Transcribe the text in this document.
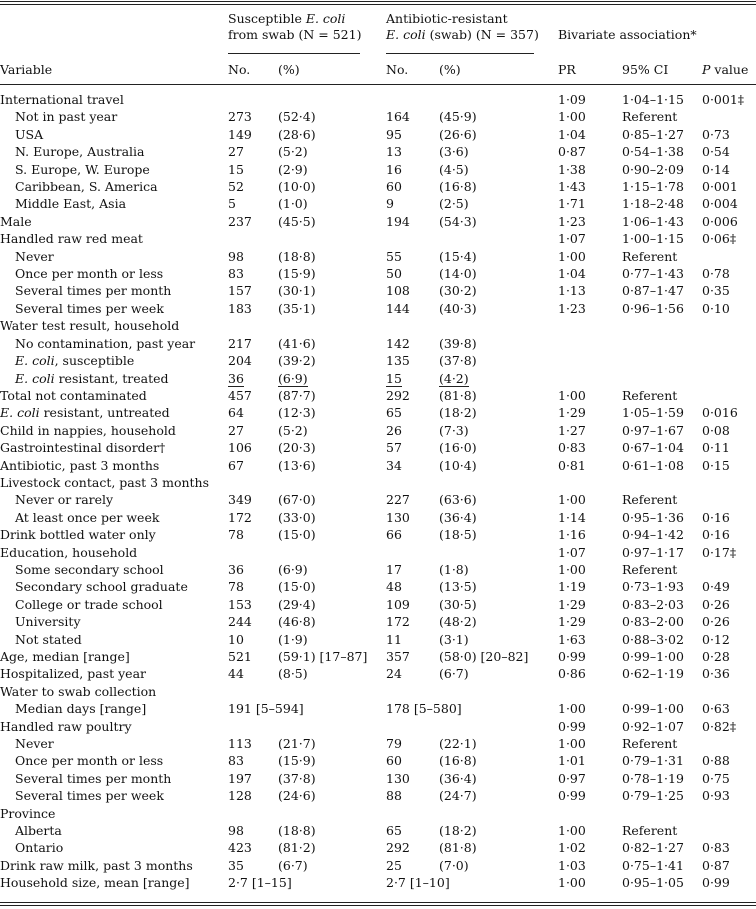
Susceptible E. coli
from swab (N = 521)
Antibiotic-resistant
E. coli (swab) (N = 357) Bivariate association*
Variable	No. (%)	No. (%)	PR	95% CI	P value
International travel					1·09	1·04–1·15	0·001‡
Not in past year	273	(52·4)	164	(45·9)	1·00	Referent	
USA	149	(28·6)	95	(26·6)	1·04	0·85–1·27	0·73
N. Europe, Australia	27	(5·2)	13	(3·6)	0·87	0·54–1·38	0·54
S. Europe, W. Europe	15	(2·9)	16	(4·5)	1·38	0·90–2·09	0·14
Caribbean, S. America	52	(10·0)	60	(16·8)	1·43	1·15–1·78	0·001
Middle East, Asia	5	(1·0)	9	(2·5)	1·71	1·18–2·48	0·004
Male	237	(45·5)	194	(54·3)	1·23	1·06–1·43	0·006
Handled raw red meat					1·07	1·00–1·15	0·06‡
Never	98	(18·8)	55	(15·4)	1·00	Referent	
Once per month or less	83	(15·9)	50	(14·0)	1·04	0·77–1·43	0·78
Several times per month	157	(30·1)	108	(30·2)	1·13	0·87–1·47	0·35
Several times per week	183	(35·1)	144	(40·3)	1·23	0·96–1·56	0·10
Water test result, household							
No contamination, past year	217	(41·6)	142	(39·8)			
E. coli, susceptible	204	(39·2)	135	(37·8)			
E. coli resistant, treated	36	(6·9)	15	(4·2)			
Total not contaminated	457	(87·7)	292	(81·8)	1·00	Referent	
E. coli resistant, untreated	64	(12·3)	65	(18·2)	1·29	1·05–1·59	0·016
Child in nappies, household	27	(5·2)	26	(7·3)	1·27	0·97–1·67	0·08
Gastrointestinal disorder†	106	(20·3)	57	(16·0)	0·83	0·67–1·04	0·11
Antibiotic, past 3 months	67	(13·6)	34	(10·4)	0·81	0·61–1·08	0·15
Livestock contact, past 3 months							
Never or rarely	349	(67·0)	227	(63·6)	1·00	Referent	
At least once per week	172	(33·0)	130	(36·4)	1·14	0·95–1·36	0·16
Drink bottled water only	78	(15·0)	66	(18·5)	1·16	0·94–1·42	0·16
Education, household					1·07	0·97–1·17	0·17‡
Some secondary school	36	(6·9)	17	(1·8)	1·00	Referent	
Secondary school graduate	78	(15·0)	48	(13·5)	1·19	0·73–1·93	0·49
College or trade school	153	(29·4)	109	(30·5)	1·29	0·83–2·03	0·26
University	244	(46·8)	172	(48·2)	1·29	0·83–2·00	0·26
Not stated	10	(1·9)	11	(3·1)	1·63	0·88–3·02	0·12
Age, median [range]	521	(59·1) [17–87]	357	(58·0) [20–82]	0·99	0·99–1·00	0·28
Hospitalized, past year	44	(8·5)	24	(6·7)	0·86	0·62–1·19	0·36
Water to swab collection							
Median days [range]	191 [5–594]		178 [5–580]		1·00	0·99–1·00	0·63
Handled raw poultry					0·99	0·92–1·07	0·82‡
Never	113	(21·7)	79	(22·1)	1·00	Referent	
Once per month or less	83	(15·9)	60	(16·8)	1·01	0·79–1·31	0·88
Several times per month	197	(37·8)	130	(36·4)	0·97	0·78–1·19	0·75
Several times per week	128	(24·6)	88	(24·7)	0·99	0·79–1·25	0·93
Province							
Alberta	98	(18·8)	65	(18·2)	1·00	Referent	
Ontario	423	(81·2)	292	(81·8)	1·02	0·82–1·27	0·83
Drink raw milk, past 3 months	35	(6·7)	25	(7·0)	1·03	0·75–1·41	0·87
Household size, mean [range]	2·7 [1–15]		2·7 [1–10]		1·00	0·95–1·05	0·99
